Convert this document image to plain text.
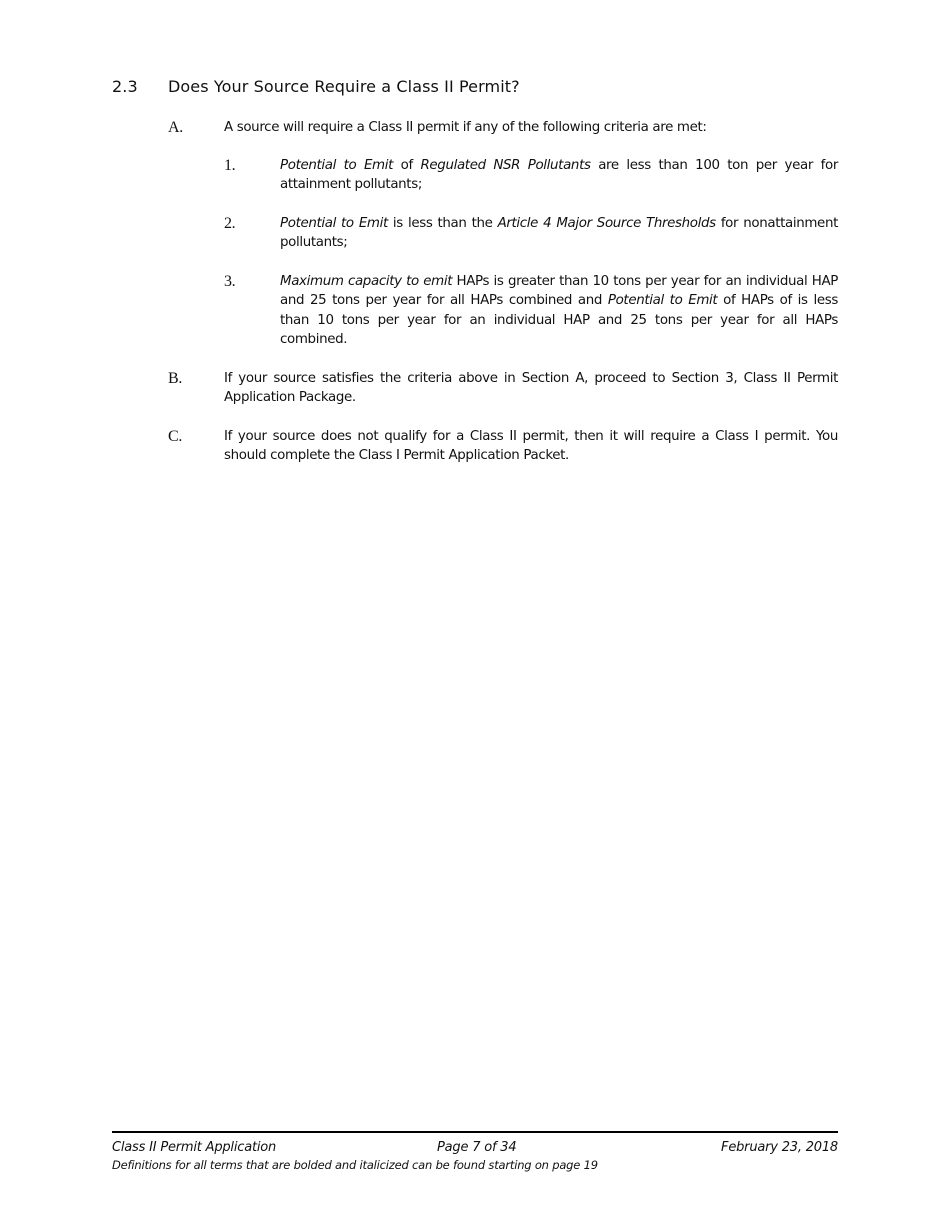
2.3 Does Your Source Require a Class II Permit?
A.	A source will require a Class II permit if any of the following criteria are met:
1.	Potential to Emit of Regulated NSR Pollutants are less than 100 ton per year for attainment pollutants;
2.	Potential to Emit is less than the Article 4 Major Source Thresholds for nonattainment pollutants;
3.	Maximum capacity to emit HAPs is greater than 10 tons per year for an individual HAP and 25 tons per year for all HAPs combined and Potential to Emit of HAPs of is less than 10 tons per year for an individual HAP and 25 tons per year for all HAPs combined.
B.	If your source satisfies the criteria above in Section A, proceed to Section 3, Class II Permit Application Package.
C.	If your source does not qualify for a Class II permit, then it will require a Class I permit. You should complete the Class I Permit Application Packet.
Class II Permit Application	Page 7 of 34	February 23, 2018
Definitions for all terms that are bolded and italicized can be found starting on page 19
